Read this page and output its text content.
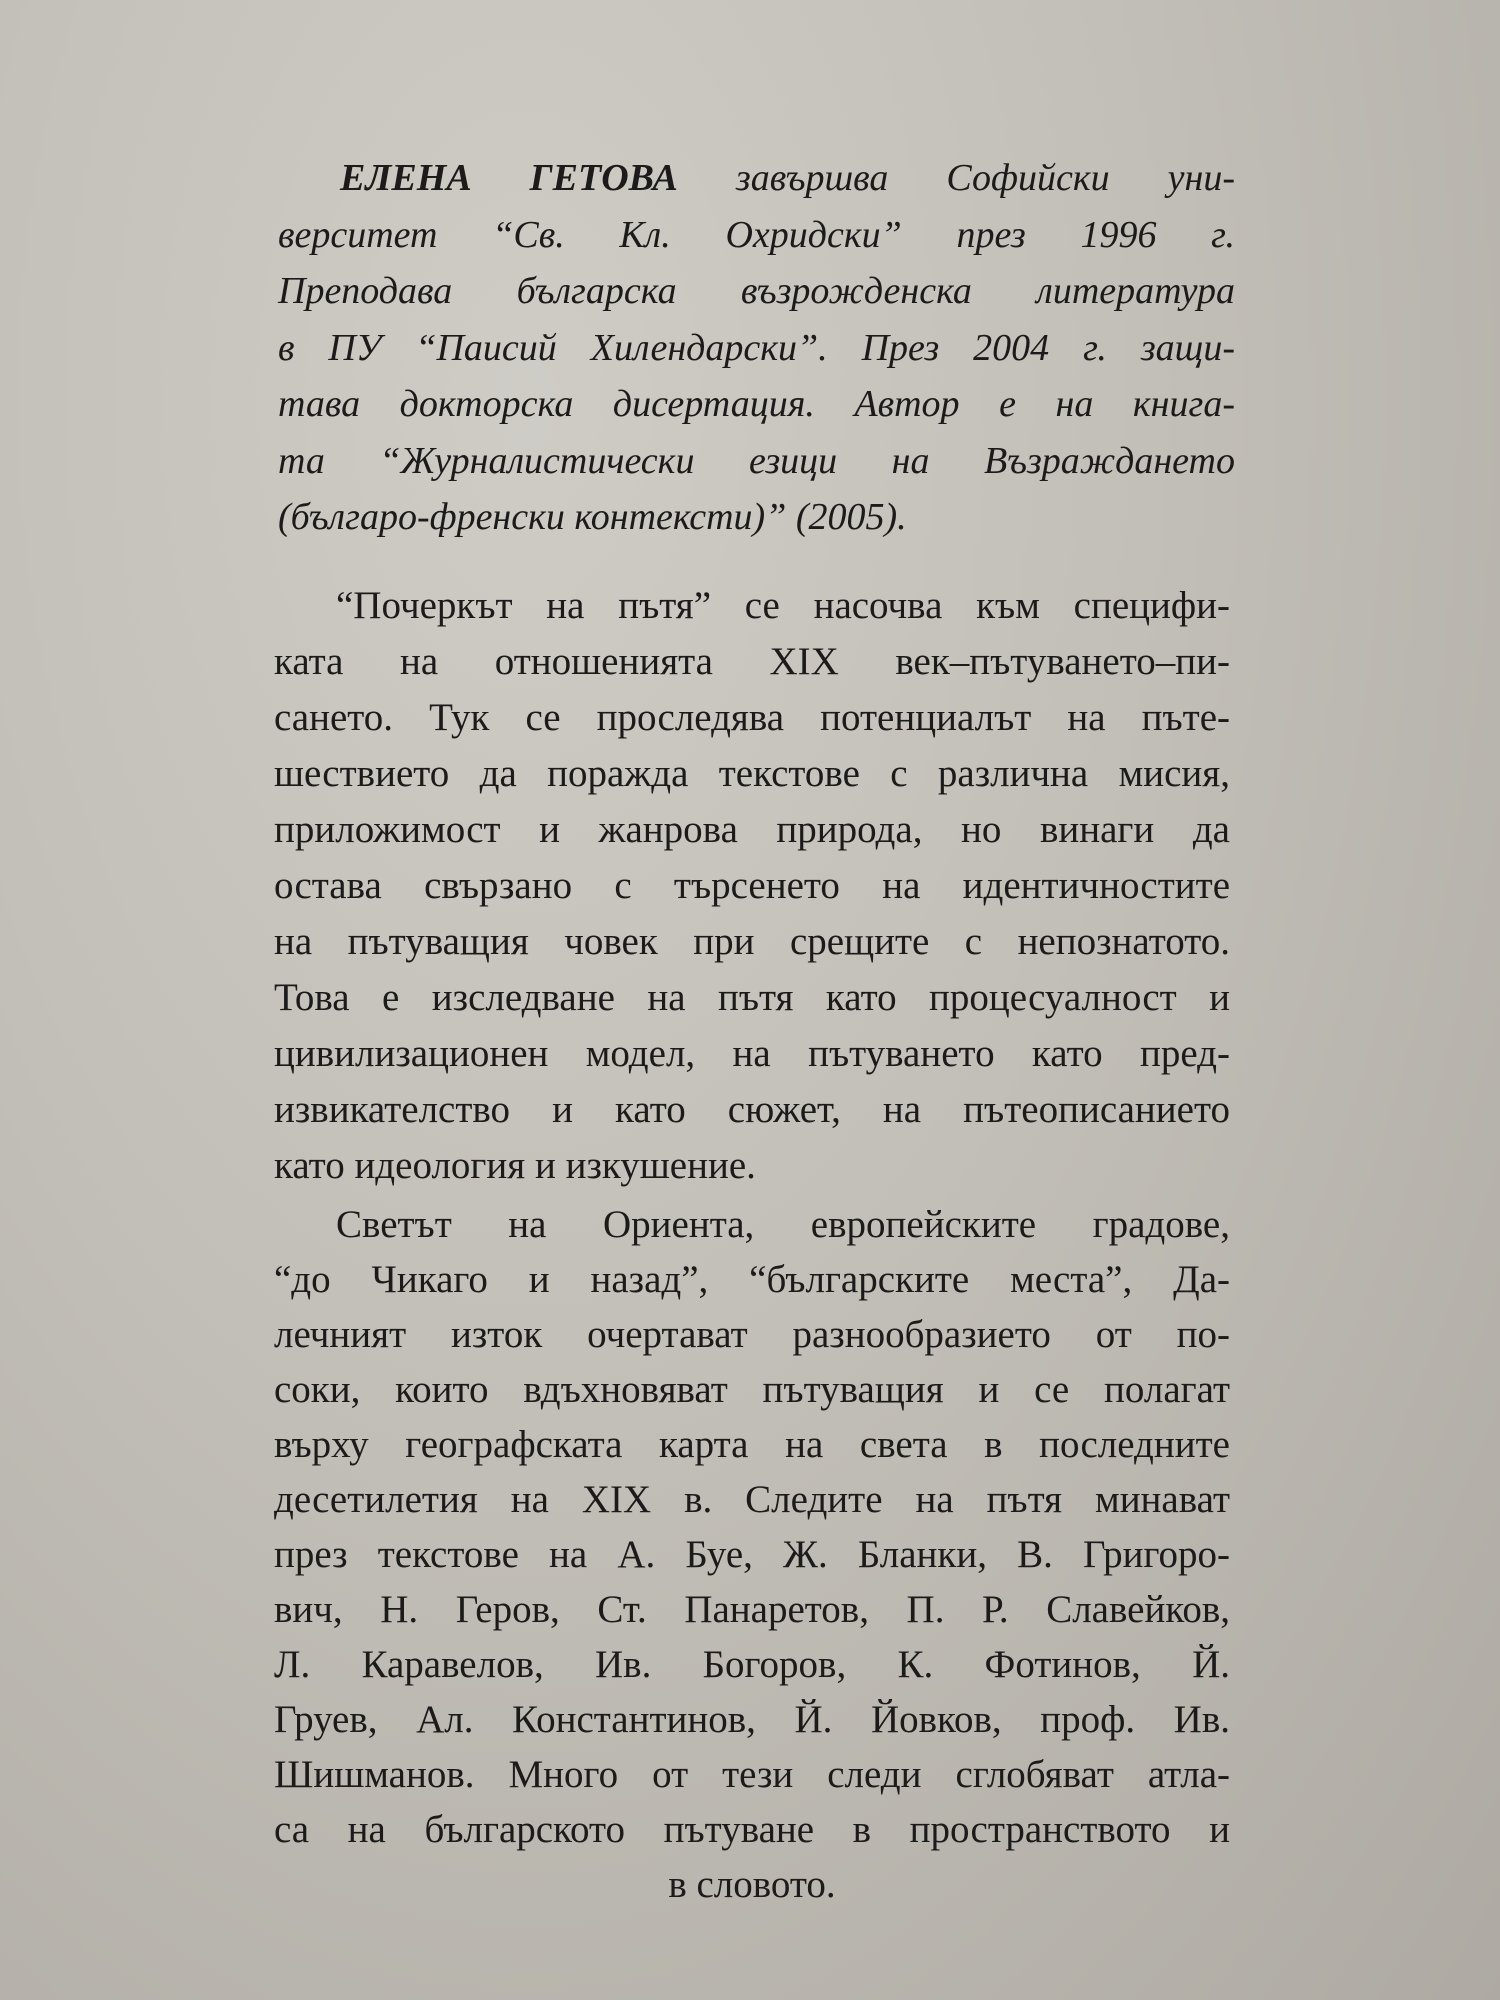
ЕЛЕНА ГЕТОВА завършва Софийски уни-
верситет “Св. Кл. Охридски” през 1996 г.
Преподава българска възрожденска литература
в ПУ “Паисий Хилендарски”. През 2004 г. защи-
тава докторска дисертация. Автор е на книга-
та “Журналистически езици на Възраждането
(българо-френски контексти)” (2005).
“Почеркът на пътя” се насочва към специфи-
ката на отношенията XIX век–пътуването–пи-
сането. Тук се проследява потенциалът на пъте-
шествието да поражда текстове с различна мисия,
приложимост и жанрова природа, но винаги да
остава свързано с търсенето на идентичностите
на пътуващия човек при срещите с непознатото.
Това е изследване на пътя като процесуалност и
цивилизационен модел, на пътуването като пред-
извикателство и като сюжет, на пътеописанието
като идеология и изкушение.
Светът на Ориента, европейските градове,
“до Чикаго и назад”, “българските места”, Да-
лечният изток очертават разнообразието от по-
соки, които вдъхновяват пътуващия и се полагат
върху географската карта на света в последните
десетилетия на XIX в. Следите на пътя минават
през текстове на А. Буе, Ж. Бланки, В. Григоро-
вич, Н. Геров, Ст. Панаретов, П. Р. Славейков,
Л. Каравелов, Ив. Богоров, К. Фотинов, Й.
Груев, Ал. Константинов, Й. Йовков, проф. Ив.
Шишманов. Много от тези следи сглобяват атла-
са на българското пътуване в пространството и
в словото.
